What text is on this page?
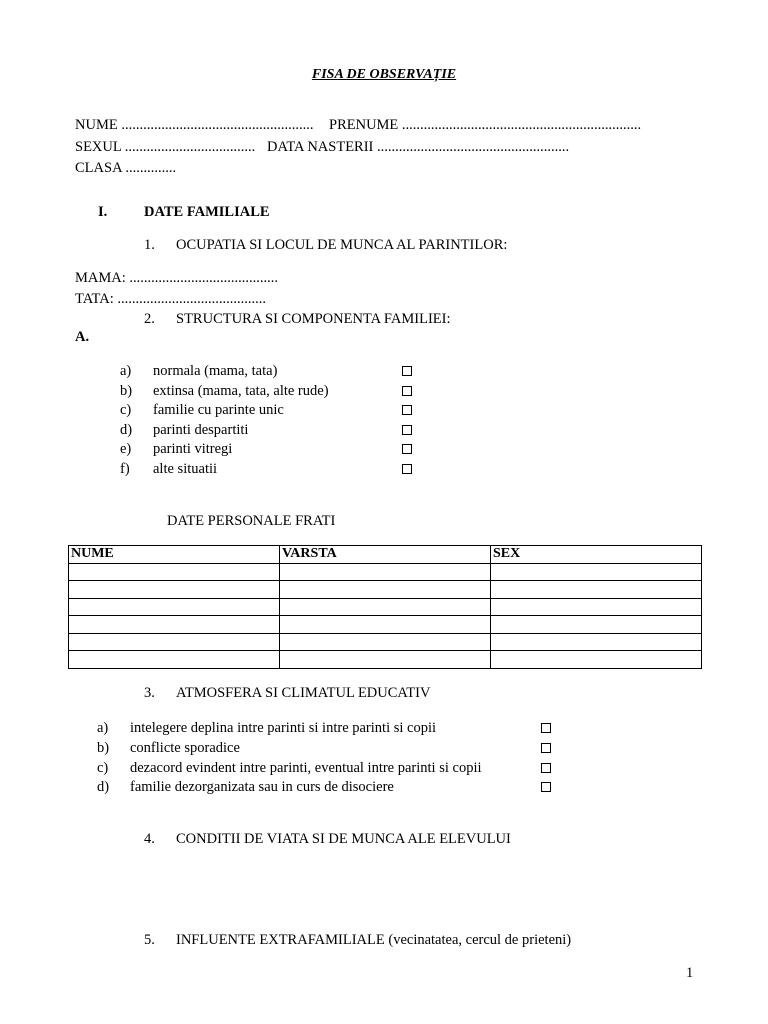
FISA DE OBSERVAȚIE
NUME ..................................................... PRENUME ..................................................................
SEXUL .................................... DATA NASTERII .....................................................
CLASA ..............
I.	DATE FAMILIALE
1. OCUPATIA SI LOCUL DE MUNCA AL PARINTILOR:
MAMA: .........................................
TATA: .........................................
2. STRUCTURA SI COMPONENTA FAMILIEI:
A.
a) normala (mama, tata)
b) extinsa (mama, tata, alte rude)
c) familie cu parinte unic
d) parinti despartiti
e) parinti vitregi
f) alte situatii
DATE PERSONALE FRATI
NUME	VARSTA	SEX

3. ATMOSFERA SI CLIMATUL EDUCATIV
a) intelegere deplina intre parinti si intre parinti si copii
b) conflicte sporadice
c) dezacord evindent intre parinti, eventual intre parinti si copii
d) familie dezorganizata sau in curs de disociere
4. CONDITII DE VIATA SI DE MUNCA ALE ELEVULUI
5. INFLUENTE EXTRAFAMILIALE (vecinatatea, cercul de prieteni)
1
